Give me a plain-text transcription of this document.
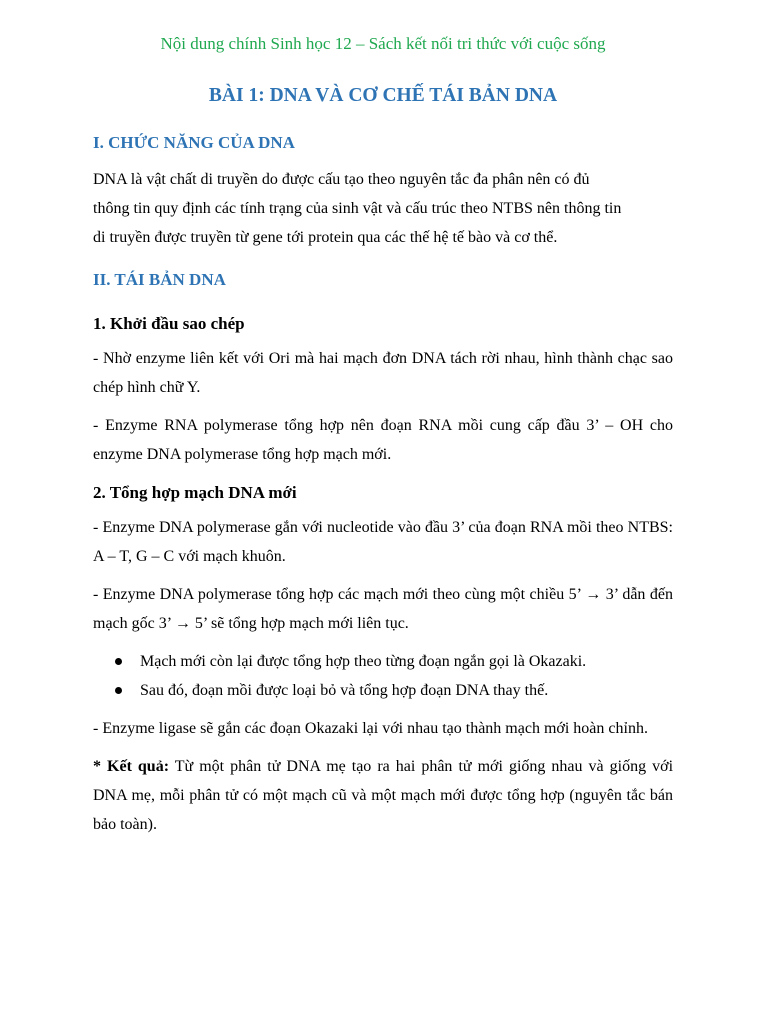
Nội dung chính Sinh học 12 – Sách kết nối tri thức với cuộc sống

BÀI 1: DNA VÀ CƠ CHẾ TÁI BẢN DNA
I. CHỨC NĂNG CỦA DNA
DNA là vật chất di truyền do được cấu tạo theo nguyên tắc đa phân nên có đủ
thông tin quy định các tính trạng của sinh vật và cấu trúc theo NTBS nên thông tin
di truyền được truyền từ gene tới protein qua các thế hệ tế bào và cơ thể.
II. TÁI BẢN DNA
1. Khởi đầu sao chép

- Nhờ enzyme liên kết với Ori mà hai mạch đơn DNA tách rời nhau, hình thành chạc sao chép hình chữ Y.

- Enzyme RNA polymerase tổng hợp nên đoạn RNA mồi cung cấp đầu 3’ – OH cho enzyme DNA polymerase tổng hợp mạch mới.

2. Tổng hợp mạch DNA mới

- Enzyme DNA polymerase gắn với nucleotide vào đầu 3’ của đoạn RNA mồi theo NTBS: A – T, G – C với mạch khuôn.

- Enzyme DNA polymerase tổng hợp các mạch mới theo cùng một chiều 5’ → 3’ dẫn đến mạch gốc 3’ → 5’ sẽ tổng hợp mạch mới liên tục.

Mạch mới còn lại được tổng hợp theo từng đoạn ngắn gọi là Okazaki.
Sau đó, đoạn mồi được loại bỏ và tổng hợp đoạn DNA thay thế.

- Enzyme ligase sẽ gắn các đoạn Okazaki lại với nhau tạo thành mạch mới hoàn chỉnh.

* Kết quả: Từ một phân tử DNA mẹ tạo ra hai phân tử mới giống nhau và giống với DNA mẹ, mỗi phân tử có một mạch cũ và một mạch mới được tổng hợp (nguyên tắc bán bảo toàn).
